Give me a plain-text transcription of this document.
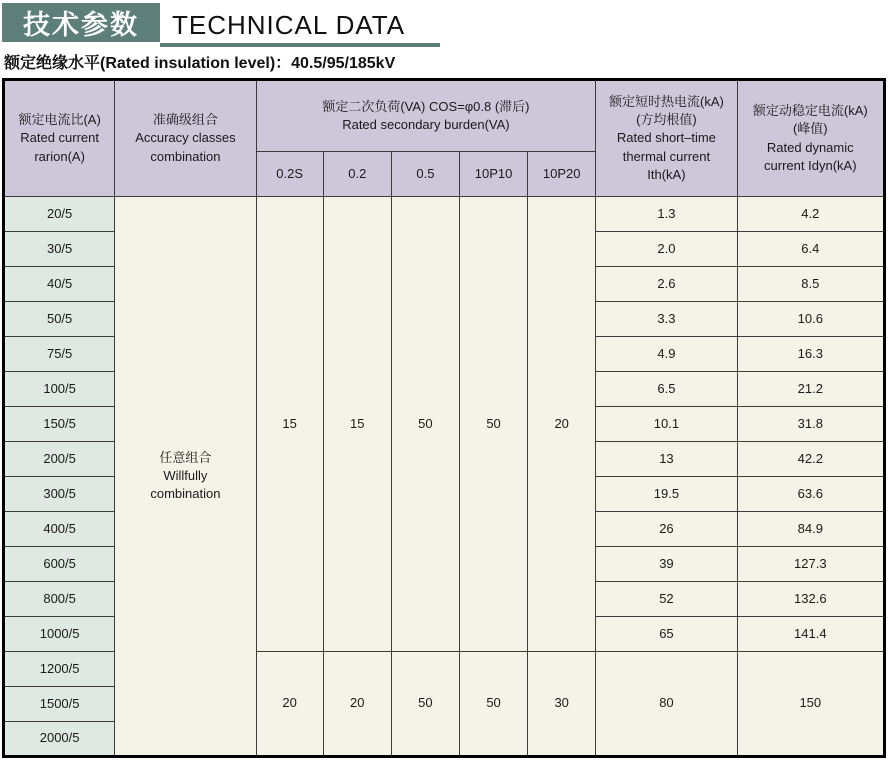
技术参数	TECHNICAL DATA
额定绝缘水平(Rated insulation level)：40.5/95/185kV
额定电流比(A)
Rated current
rarion(A)	准确级组合
Accuracy classes
combination	额定二次负荷(VA) COS=φ0.8 (滞后)
Rated secondary burden(VA)					额定短时热电流(kA)
(方均根值)
Rated short–time
thermal current
Ith(kA)	额定动稳定电流(kA)
(峰值)
Rated dynamic
current Idyn(kA)

		0.2S	0.2	0.5	10P10	10P20		
20/5	任意组合
Willfully
combination	15	15	50	50	20	1.3	4.2
30/5							2.0	6.4
40/5							2.6	8.5
50/5							3.3	10.6
75/5							4.9	16.3
100/5							6.5	21.2
150/5							10.1	31.8
200/5							13	42.2
300/5							19.5	63.6
400/5							26	84.9
600/5							39	127.3
800/5							52	132.6
1000/5							65	141.4
1200/5		20	20	50	50	30	80	150
1500/5								
2000/5								
